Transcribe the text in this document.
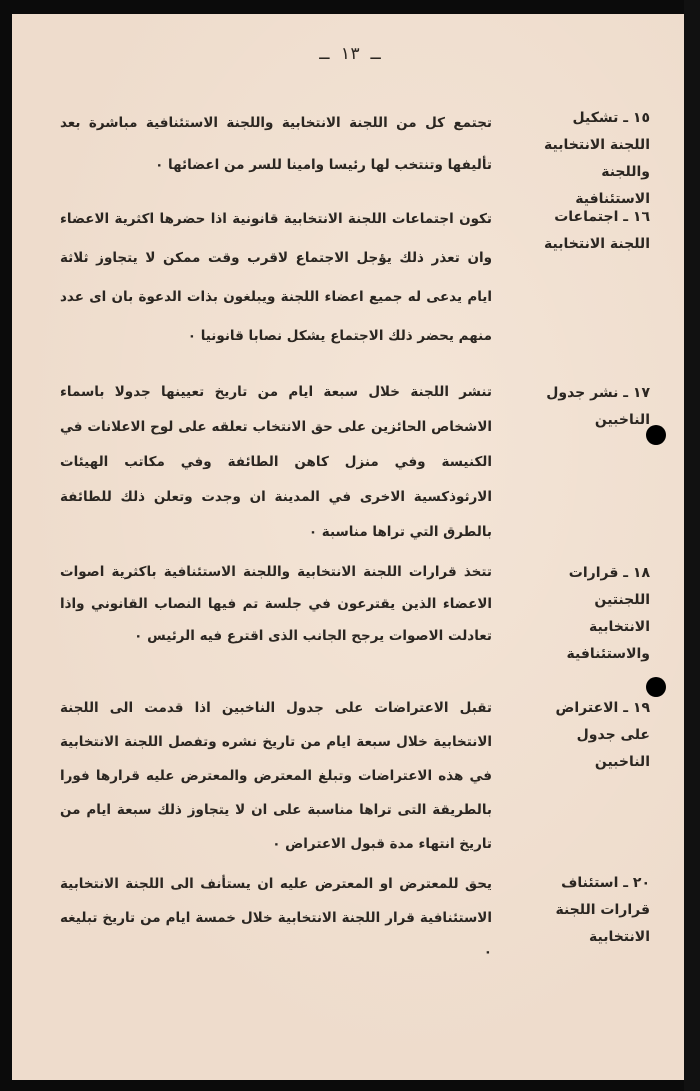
ـ ١٣ ـ
١٥ ـ تشكيل اللجنة الانتخابية واللجنة الاستئنافية
تجتمع كل من اللجنة الانتخابية واللجنة الاستئنافية مباشرة بعد تأليفها وتنتخب لها رئيسا وامينا للسر من اعضائها ٠
١٦ ـ اجتماعات اللجنة الانتخابية
تكون اجتماعات اللجنة الانتخابية قانونية اذا حضرها اكثرية الاعضاء وان تعذر ذلك يؤجل الاجتماع لاقرب وقت ممكن لا يتجاوز ثلاثة ايام يدعى له جميع اعضاء اللجنة ويبلغون بذات الدعوة بان اى عدد منهم يحضر ذلك الاجتماع يشكل نصابا قانونيا ٠
١٧ ـ نشر جدول الناخبين
تنشر اللجنة خلال سبعة ايام من تاريخ تعيينها جدولا باسماء الاشخاص الحائزين على حق الانتخاب تعلقه على لوح الاعلانات في الكنيسة وفي منزل كاهن الطائفة وفي مكاتب الهيئات الارثوذكسية الاخرى في المدينة ان وجدت وتعلن ذلك للطائفة بالطرق التي تراها مناسبة ٠
١٨ ـ قرارات اللجنتين الانتخابية والاستئنافية
تتخذ قرارات اللجنة الانتخابية واللجنة الاستئنافية باكثرية اصوات الاعضاء الذين يقترعون في جلسة تم فيها النصاب القانوني واذا تعادلت الاصوات يرجح الجانب الذى اقترع فيه الرئيس ٠
١٩ ـ الاعتراض على جدول الناخبين
تقبل الاعتراضات على جدول الناخبين اذا قدمت الى اللجنة الانتخابية خلال سبعة ايام من تاريخ نشره وتفصل اللجنة الانتخابية في هذه الاعتراضات وتبلغ المعترض والمعترض عليه قرارها فورا بالطريقة التى تراها مناسبة على ان لا يتجاوز ذلك سبعة ايام من تاريخ انتهاء مدة قبول الاعتراض ٠
٢٠ ـ استئناف قرارات اللجنة الانتخابية
يحق للمعترض او المعترض عليه ان يستأنف الى اللجنة الانتخابية الاستئنافية قرار اللجنة الانتخابية خلال خمسة ايام من تاريخ تبليغه ٠
